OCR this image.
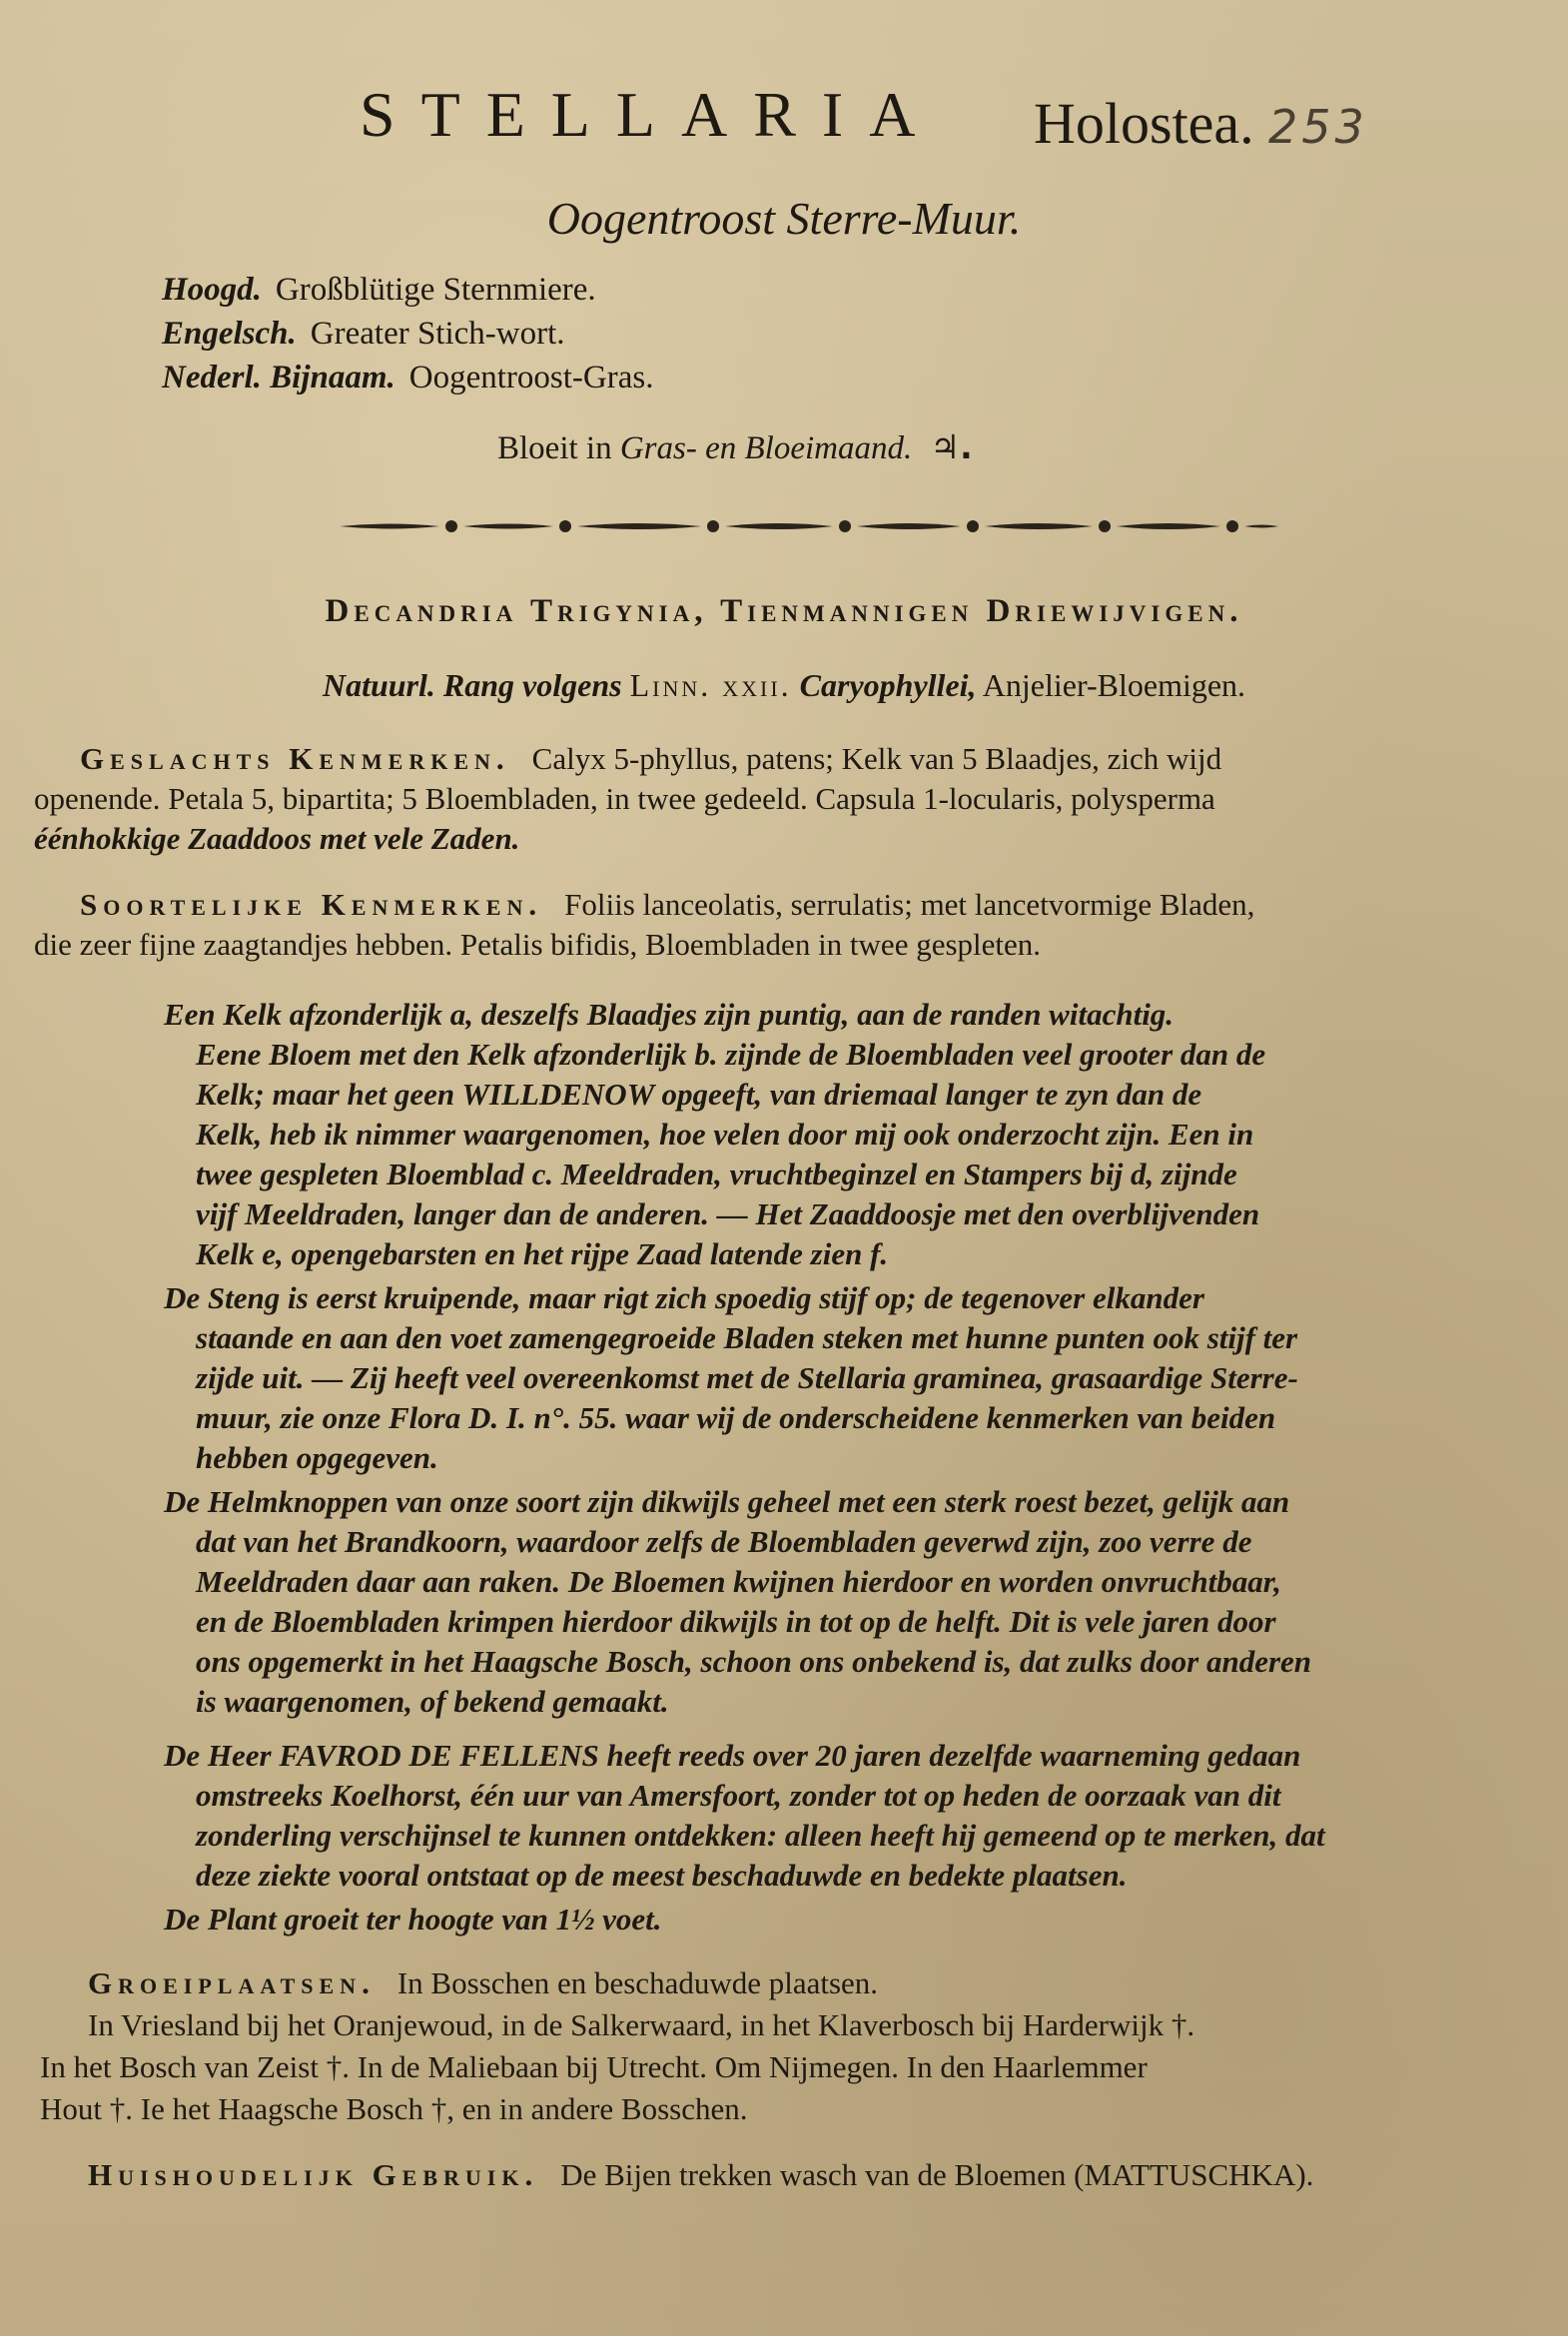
STELLARIA Holostea. 253
Oogentroost Sterre-Muur.
Hoogd. Großblütige Sternmiere.
Engelsch. Greater Stich-wort.
Nederl. Bijnaam. Oogentroost-Gras.
Bloeit in Gras- en Bloeimaand. ♃.
Decandria Trigynia, Tienmannigen Driewijvigen.
Natuurl. Rang volgens Linn. xxii. Caryophyllei, Anjelier-Bloemigen.
Geslachts Kenmerken. Calyx 5-phyllus, patens; Kelk van 5 Blaadjes, zich wijd
openende. Petala 5, bipartita; 5 Bloembladen, in twee gedeeld. Capsula 1-locularis, polysperma
éénhokkige Zaaddoos met vele Zaden.
Soortelijke Kenmerken. Foliis lanceolatis, serrulatis; met lancetvormige Bladen,
die zeer fijne zaagtandjes hebben. Petalis bifidis, Bloembladen in twee gespleten.
Een Kelk afzonderlijk a, deszelfs Blaadjes zijn puntig, aan de randen witachtig.
Eene Bloem met den Kelk afzonderlijk b. zijnde de Bloembladen veel grooter dan de
Kelk; maar het geen WILLDENOW opgeeft, van driemaal langer te zyn dan de
Kelk, heb ik nimmer waargenomen, hoe velen door mij ook onderzocht zijn. Een in
twee gespleten Bloemblad c. Meeldraden, vruchtbeginzel en Stampers bij d, zijnde
vijf Meeldraden, langer dan de anderen. — Het Zaaddoosje met den overblijvenden
Kelk e, opengebarsten en het rijpe Zaad latende zien f.
De Steng is eerst kruipende, maar rigt zich spoedig stijf op; de tegenover elkander
staande en aan den voet zamengegroeide Bladen steken met hunne punten ook stijf ter
zijde uit. — Zij heeft veel overeenkomst met de Stellaria graminea, grasaardige Sterre-
muur, zie onze Flora D. I. n°. 55. waar wij de onderscheidene kenmerken van beiden
hebben opgegeven.
De Helmknoppen van onze soort zijn dikwijls geheel met een sterk roest bezet, gelijk aan
dat van het Brandkoorn, waardoor zelfs de Bloembladen geverwd zijn, zoo verre de
Meeldraden daar aan raken. De Bloemen kwijnen hierdoor en worden onvruchtbaar,
en de Bloembladen krimpen hierdoor dikwijls in tot op de helft. Dit is vele jaren door
ons opgemerkt in het Haagsche Bosch, schoon ons onbekend is, dat zulks door anderen
is waargenomen, of bekend gemaakt.
De Heer FAVROD DE FELLENS heeft reeds over 20 jaren dezelfde waarneming gedaan
omstreeks Koelhorst, één uur van Amersfoort, zonder tot op heden de oorzaak van dit
zonderling verschijnsel te kunnen ontdekken: alleen heeft hij gemeend op te merken, dat
deze ziekte vooral ontstaat op de meest beschaduwde en bedekte plaatsen.
De Plant groeit ter hoogte van 1½ voet.
Groeiplaatsen. In Bosschen en beschaduwde plaatsen.
In Vriesland bij het Oranjewoud, in de Salkerwaard, in het Klaverbosch bij Harderwijk †.
In het Bosch van Zeist †. In de Maliebaan bij Utrecht. Om Nijmegen. In den Haarlemmer
Hout †. Ie het Haagsche Bosch †, en in andere Bosschen.
Huishoudelijk Gebruik. De Bijen trekken wasch van de Bloemen (MATTUSCHKA).
